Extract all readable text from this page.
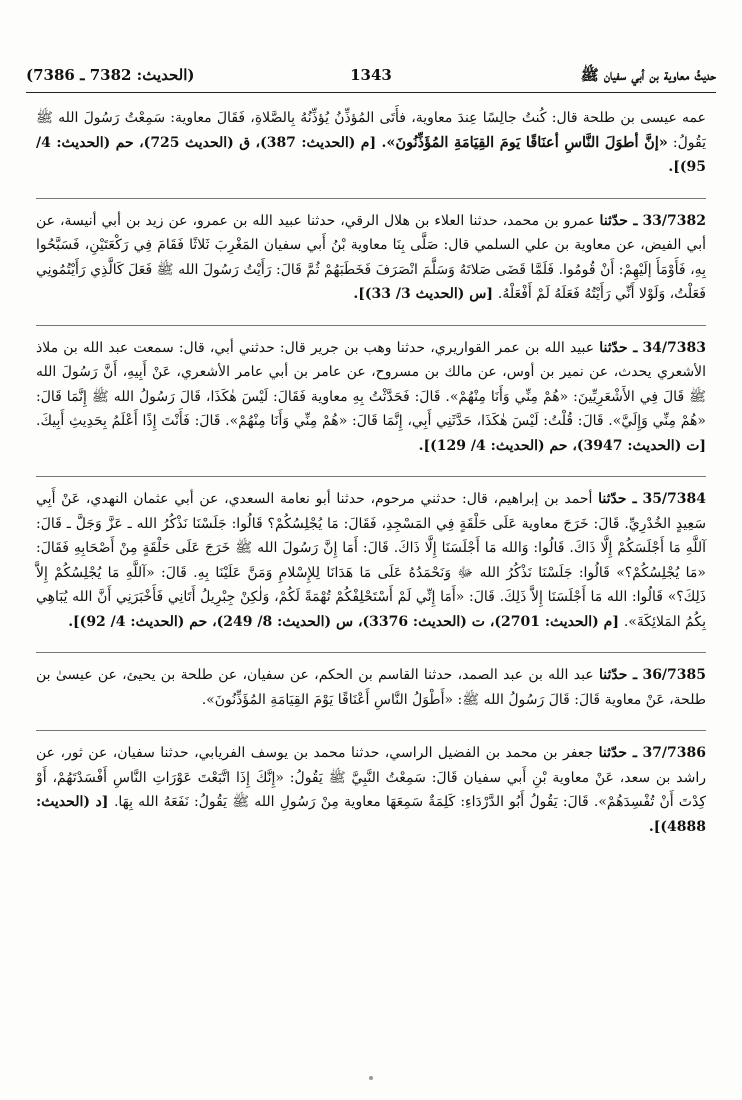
حديثُ معاوية بن أبي سفيان ﷺ
1343
(الحديث: 7382 ـ 7386)

عمه عيسى بن طلحة قال: كُنتُ جالِسًا عِندَ معاوية، فأَتَى المُؤذِّنُ يُؤذِّنُهُ بِالصَّلاةِ، فَقَالَ معاوية: سَمِعْتُ رَسُولَ الله ﷺ يَقُولُ: «إنَّ أطوَلَ النَّاسِ أعنَاقًا يَومَ القِيَامَةِ المُؤَذِّنُونَ». [م (الحديث: 387)، ق (الحديث 725)، حم (الحديث: 4/ 95)].

33/7382 ـ حدّثنا عمرو بن محمد، حدثنا العلاء بن هلال الرقي، حدثنا عبيد الله بن عمرو، عن زيد بن أبي أنيسة، عن أبي الفيض، عن معاوية بن علي السلمي قال: صَلَّى بِنَا معاوية بْنُ أَبي سفيان المَغْرِبَ ثَلاثًا فَقَامَ فِي رَكْعَتَيْنِ، فَسَبَّحُوا بِهِ، فَأَوْمَأَ إلَيْهِمْ: أَنْ قُومُوا. فَلَمَّا قَضَى صَلاتَهُ وَسَلَّمَ انْصَرَفَ فَخَطَبَهُمْ ثُمَّ قَالَ: رَأَيْتُ رَسُولَ الله ﷺ فَعَلَ كَالَّذِي رَأَيْتُمُونِي فَعَلْتُ، وَلَوْلا أَنِّي رَأَيْتُهُ فَعَلَهُ لَمْ أَفْعَلْهُ. [س (الحديث 3/ 33)].

34/7383 ـ حدّثنا عبيد الله بن عمر القواريري، حدثنا وهب بن جرير قال: حدثني أبي، قال: سمعت عبد الله بن ملاذ الأشعري يحدث، عن نمير بن أوس، عن مالك بن مسروح، عن عامر بن أبي عامر الأشعري، عَنْ أَبِيهِ، أَنَّ رَسُولَ الله ﷺ قَالَ فِي الأَشْعَرِيِّينَ: «هُمْ مِنِّي وَأَنَا مِنْهُمْ». قَالَ: فَحَدَّثْتُ بِهِ معاوية فَقَالَ: لَيْسَ هٰكَذَا، قَالَ رَسُولُ الله ﷺ إِنَّمَا قَالَ: «هُمْ مِنِّي وَإِلَيَّ». قَالَ: قُلْتُ: لَيْسَ هٰكَذَا، حَدَّثَنِي أَبِي، إِنَّمَا قَالَ: «هُمْ مِنِّي وَأَنَا مِنْهُمْ». قَالَ: فَأَنْتَ إِذًا أَعْلَمُ بِحَدِيثِ أَبِيكَ. [ت (الحديث: 3947)، حم (الحديث: 4/ 129)].

35/7384 ـ حدّثنا أحمد بن إبراهيم، قال: حدثني مرحوم، حدثنا أبو نعامة السعدي، عن أبي عثمان النهدي، عَنْ أَبِي سَعِيدٍ الخُدْرِيِّ. قَالَ: خَرَجَ معاوية عَلَى حَلْقَةٍ فِي المَسْجِدِ، فَقَالَ: مَا يُجْلِسُكُمْ؟ قَالُوا: جَلَسْنَا نَذْكُرُ الله ـ عَزَّ وَجَلَّ ـ قَالَ: آللَّهِ مَا أَجْلَسَكُمْ إِلَّا ذَاكَ. قَالُوا: وَالله مَا أَجْلَسَنَا إِلَّا ذَاكَ. قَالَ: أَمَا إِنَّ رَسُولَ الله ﷺ خَرَجَ عَلَى حَلْقَةٍ مِنْ أَصْحَابِهِ فَقَالَ: «مَا يُجْلِسُكُمْ؟» قَالُوا: جَلَسْنَا نَذْكُرُ الله ﷻ وَنَحْمَدُهُ عَلَى مَا هَدَانَا لِلإِسْلامِ وَمَنَّ عَلَيْنَا بِهِ. قَالَ: «آللَّهِ مَا يُجْلِسُكُمْ إِلاَّ ذَلِكَ؟» قَالُوا: الله مَا أَجْلَسَنَا إِلاَّ ذَلِكَ. قَالَ: «أَمَا إِنِّي لَمْ أَسْتَحْلِفْكُمْ تُهْمَةً لَكُمْ، وَلٰكِنْ جِبْرِيلُ أَتَانِي فَأَخْبَرَنِي أَنَّ الله يُبَاهِي بِكُمُ المَلائِكَةَ». [م (الحديث: 2701)، ت (الحديث: 3376)، س (الحديث: 8/ 249)، حم (الحديث: 4/ 92)].

36/7385 ـ حدّثنا عبد الله بن عبد الصمد، حدثنا القاسم بن الحكم، عن سفيان، عن طلحة بن يحيئ، عن عيسىٰ بن طلحة، عَنْ معاوية قَالَ: قَالَ رَسُولُ الله ﷺ: «أَطْوَلُ النَّاسِ أَعْنَاقًا يَوْمَ القِيَامَةِ المُؤَذِّنُونَ».

37/7386 ـ حدّثنا جعفر بن محمد بن الفضيل الراسي، حدثنا محمد بن يوسف الفريابي، حدثنا سفيان، عن ثور، عن راشد بن سعد، عَنْ معاوية بْنِ أَبي سفيان قَالَ: سَمِعْتُ النَّبِيَّ ﷺ يَقُولُ: «إِنَّكَ إِذَا اتَّبَعْتَ عَوْرَاتِ النَّاسِ أَفْسَدْتَهُمْ، أَوْ كِدْتَ أَنْ تُفْسِدَهُمْ». قَالَ: يَقُولُ أَبُو الدَّرْدَاءِ: كَلِمَةٌ سَمِعَهَا معاوية مِنْ رَسُولِ الله ﷺ يَقُولُ: نَفَعَهُ الله بِهَا. [د (الحديث: 4888)].
